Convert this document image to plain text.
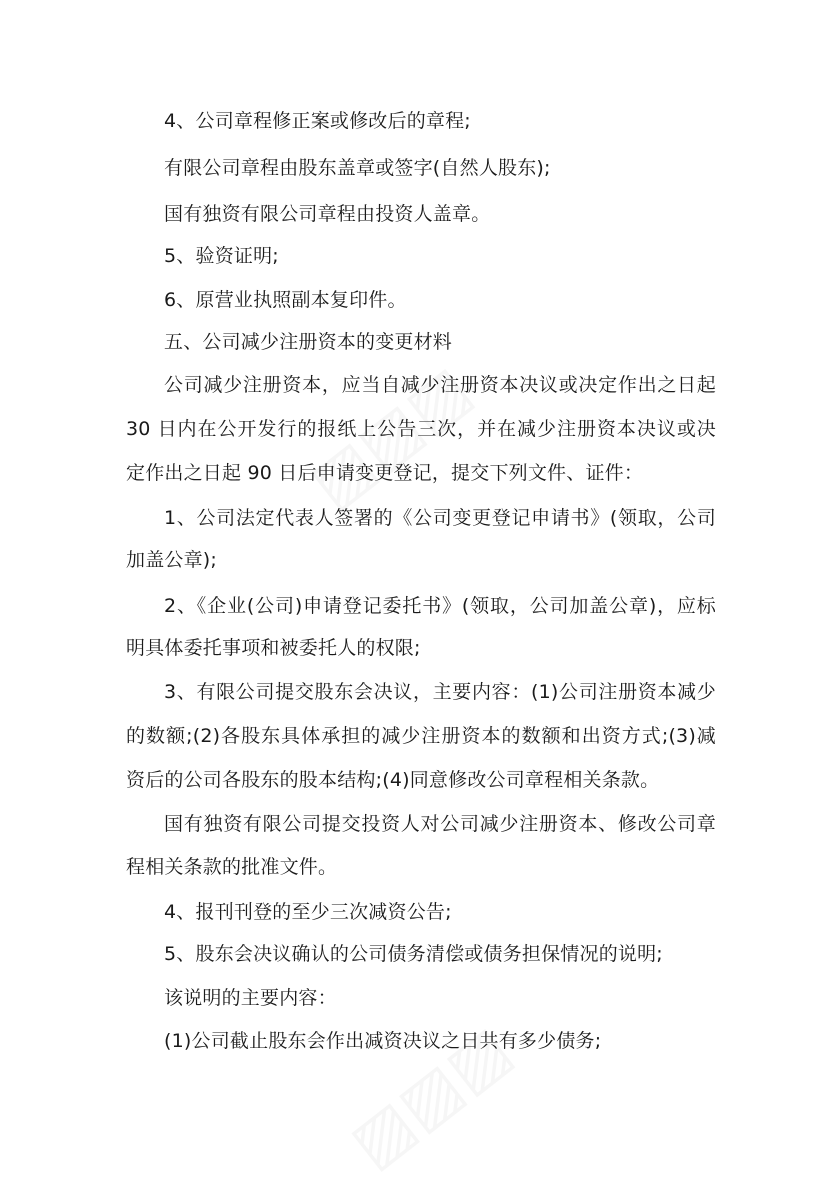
4、公司章程修正案或修改后的章程;
有限公司章程由股东盖章或签字(自然人股东);
国有独资有限公司章程由投资人盖章。
5、验资证明;
6、原营业执照副本复印件。
五、公司减少注册资本的变更材料
公司减少注册资本，应当自减少注册资本决议或决定作出之日起
30 日内在公开发行的报纸上公告三次，并在减少注册资本决议或决
定作出之日起 90 日后申请变更登记，提交下列文件、证件：
1、公司法定代表人签署的《公司变更登记申请书》(领取，公司
加盖公章);
2、《企业(公司)申请登记委托书》(领取，公司加盖公章)，应标
明具体委托事项和被委托人的权限;
3、有限公司提交股东会决议，主要内容：(1)公司注册资本减少
的数额;(2)各股东具体承担的减少注册资本的数额和出资方式;(3)减
资后的公司各股东的股本结构;(4)同意修改公司章程相关条款。
国有独资有限公司提交投资人对公司减少注册资本、修改公司章
程相关条款的批准文件。
4、报刊刊登的至少三次减资公告;
5、股东会决议确认的公司债务清偿或债务担保情况的说明;
该说明的主要内容：
(1)公司截止股东会作出减资决议之日共有多少债务;
